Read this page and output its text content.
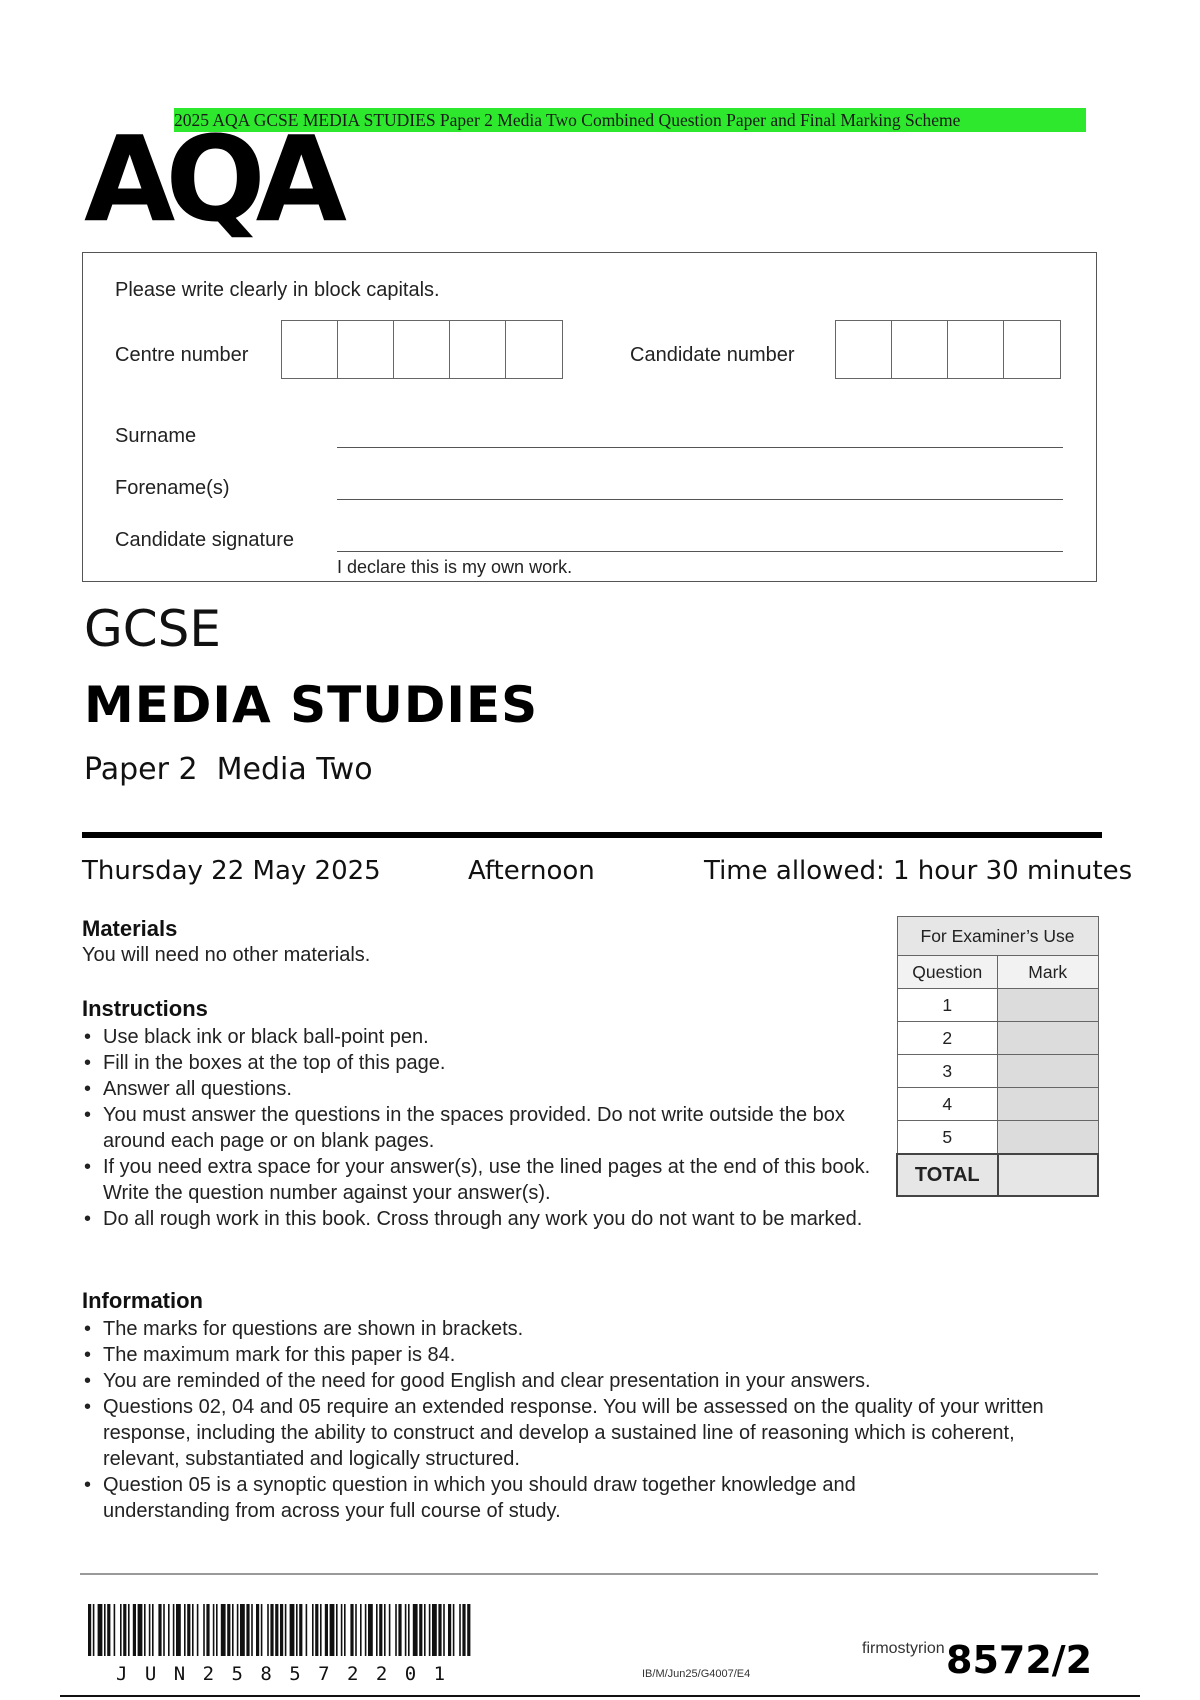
2025 AQA GCSE MEDIA STUDIES Paper 2 Media Two Combined Question Paper and Final Marking Scheme
AQA
Please write clearly in block capitals.
Centre number	Candidate number
Surname
Forename(s)
Candidate signature
I declare this is my own work.
GCSE
MEDIA STUDIES
Paper 2  Media Two
Thursday 22 May 2025	Afternoon	Time allowed: 1 hour 30 minutes
Materials
You will need no other materials.
Instructions
• Use black ink or black ball-point pen.
• Fill in the boxes at the top of this page.
• Answer all questions.
• You must answer the questions in the spaces provided. Do not write outside the box around each page or on blank pages.
• If you need extra space for your answer(s), use the lined pages at the end of this book. Write the question number against your answer(s).
• Do all rough work in this book. Cross through any work you do not want to be marked.
For Examiner’s Use	
Question	Mark
1	
2	
3	
4	
5	
TOTAL	
Information
• The marks for questions are shown in brackets.
• The maximum mark for this paper is 84.
• You are reminded of the need for good English and clear presentation in your answers.
• Questions 02, 04 and 05 require an extended response. You will be assessed on the quality of your written response, including the ability to construct and develop a sustained line of reasoning which is coherent, relevant, substantiated and logically structured.
• Question 05 is a synoptic question in which you should draw together knowledge and understanding from across your full course of study.
J U N 2 5 8 5 7 2 2 0 1	IB/M/Jun25/G4007/E4
firmostyrion 8572/2
